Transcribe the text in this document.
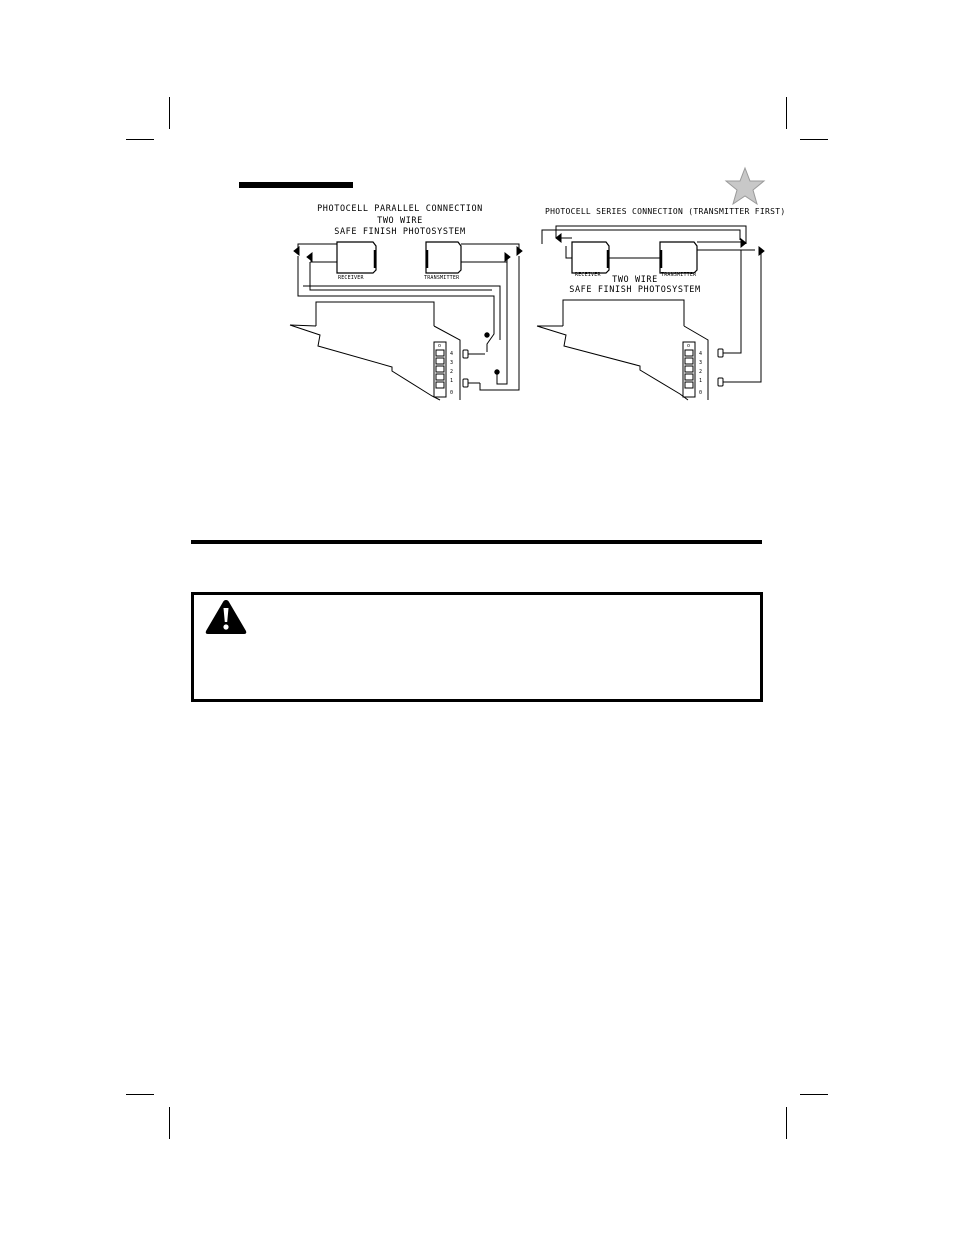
PHOTOCELL PARALLEL CONNECTION
TWO WIRE
SAFE FINISH PHOTOSYSTEM
RECEIVER	TRANSMITTER
o
4
3
2
1
0
PHOTOCELL SERIES CONNECTION (TRANSMITTER FIRST)
TWO WIRE
SAFE FINISH PHOTOSYSTEM
RECEIVER	TRANSMITTER
o
4
3
2
1
0
